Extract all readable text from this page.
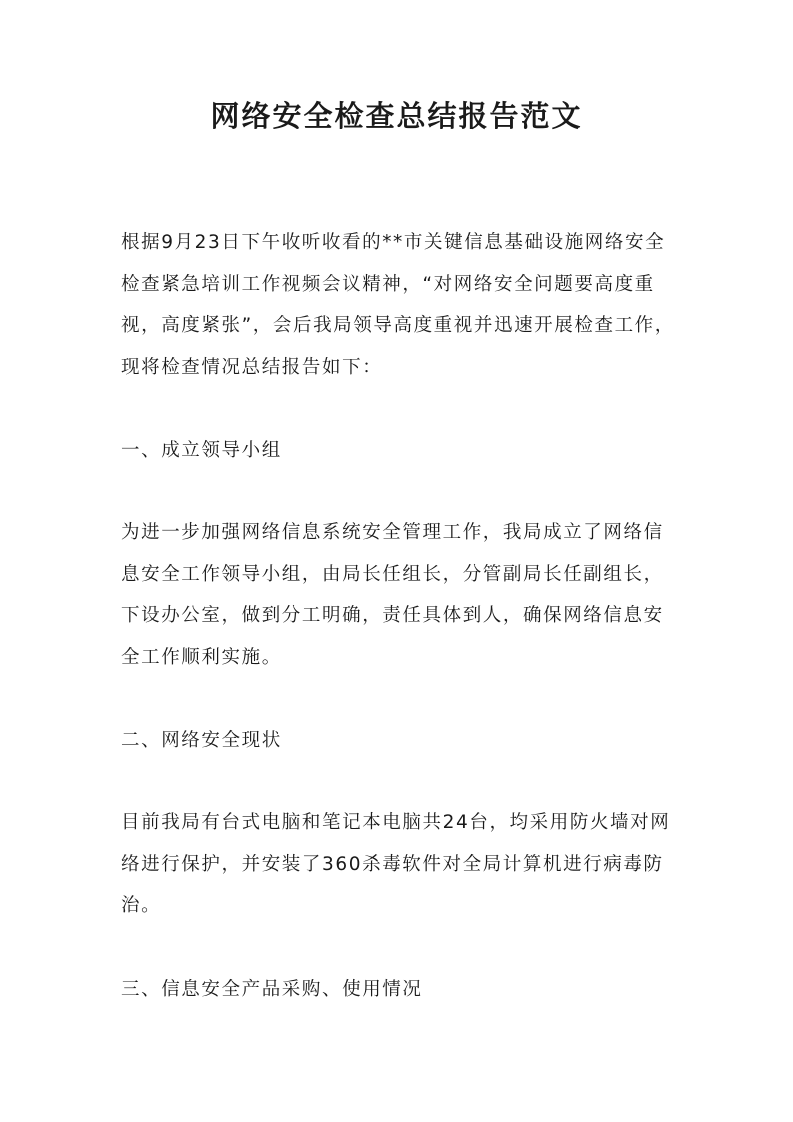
网络安全检查总结报告范文

根据9月23日下午收听收看的**市关键信息基础设施网络安全检查紧急培训工作视频会议精神，“对网络安全问题要高度重视，高度紧张”，会后我局领导高度重视并迅速开展检查工作，现将检查情况总结报告如下：

一、成立领导小组

为进一步加强网络信息系统安全管理工作，我局成立了网络信息安全工作领导小组，由局长任组长，分管副局长任副组长，下设办公室，做到分工明确，责任具体到人，确保网络信息安全工作顺利实施。

二、网络安全现状

目前我局有台式电脑和笔记本电脑共24台，均采用防火墙对网络进行保护，并安装了360杀毒软件对全局计算机进行病毒防治。

三、信息安全产品采购、使用情况
